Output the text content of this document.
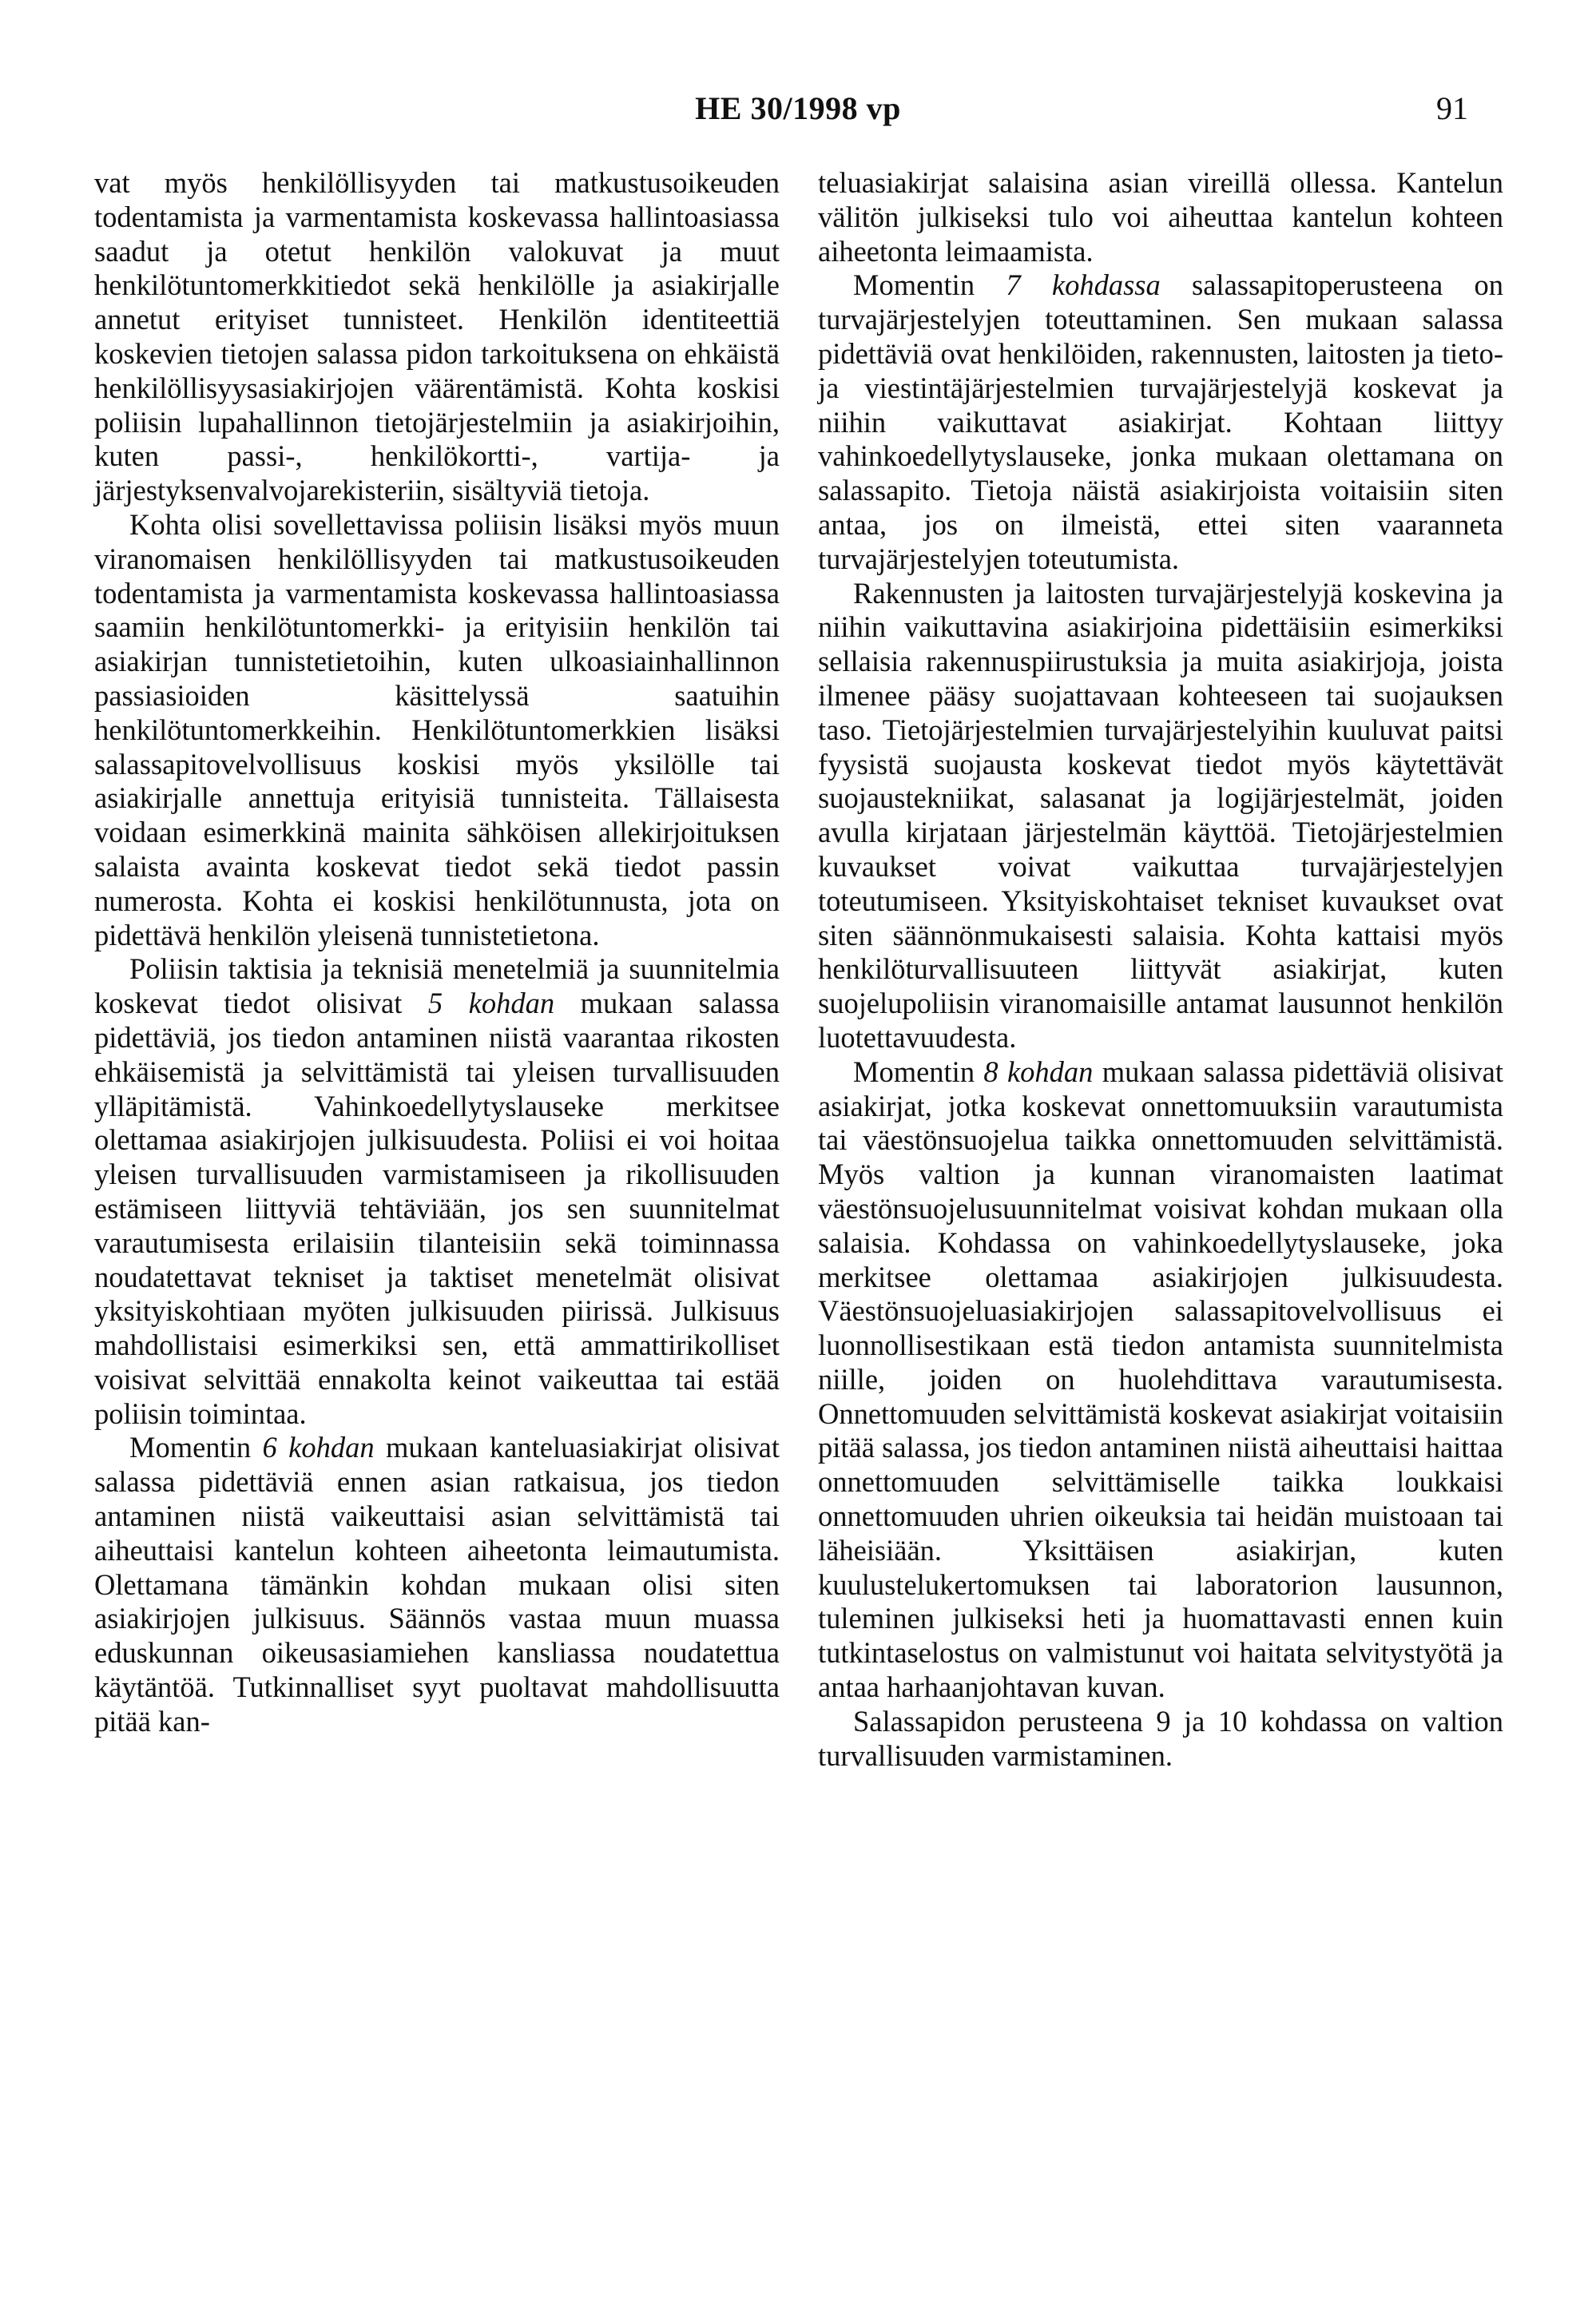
HE 30/1998 vp	91

vat myös henkilöllisyyden tai matkustusoikeuden todentamista ja varmentamista koskevassa hallintoasiassa saadut ja otetut henkilön valokuvat ja muut henkilötuntomerkkitiedot sekä henkilölle ja asiakirjalle annetut erityiset tunnisteet. Henkilön identiteettiä koskevien tietojen salassa pidon tarkoituksena on ehkäistä henkilöllisyysasiakirjojen väärentämistä. Kohta koskisi poliisin lupahallinnon tietojärjestelmiin ja asiakirjoihin, kuten passi-, henkilökortti-, vartija- ja järjestyksenvalvojarekisteriin, sisältyviä tietoja.

Kohta olisi sovellettavissa poliisin lisäksi myös muun viranomaisen henkilöllisyyden tai matkustusoikeuden todentamista ja varmentamista koskevassa hallintoasiassa saamiin henkilötuntomerkki- ja erityisiin henkilön tai asiakirjan tunnistetietoihin, kuten ulkoasiainhallinnon passiasioiden käsittelyssä saatuihin henkilötuntomerkkeihin. Henkilötuntomerkkien lisäksi salassapitovelvollisuus koskisi myös yksilölle tai asiakirjalle annettuja erityisiä tunnisteita. Tällaisesta voidaan esimerkkinä mainita sähköisen allekirjoituksen salaista avainta koskevat tiedot sekä tiedot passin numerosta. Kohta ei koskisi henkilötunnusta, jota on pidettävä henkilön yleisenä tunnistetietona.

Poliisin taktisia ja teknisiä menetelmiä ja suunnitelmia koskevat tiedot olisivat 5 kohdan mukaan salassa pidettäviä, jos tiedon antaminen niistä vaarantaa rikosten ehkäisemistä ja selvittämistä tai yleisen turvallisuuden ylläpitämistä. Vahinkoedellytyslauseke merkitsee olettamaa asiakirjojen julkisuudesta. Poliisi ei voi hoitaa yleisen turvallisuuden varmistamiseen ja rikollisuuden estämiseen liittyviä tehtäviään, jos sen suunnitelmat varautumisesta erilaisiin tilanteisiin sekä toiminnassa noudatettavat tekniset ja taktiset menetelmät olisivat yksityiskohtiaan myöten julkisuuden piirissä. Julkisuus mahdollistaisi esimerkiksi sen, että ammattirikolliset voisivat selvittää ennakolta keinot vaikeuttaa tai estää poliisin toimintaa.

Momentin 6 kohdan mukaan kanteluasiakirjat olisivat salassa pidettäviä ennen asian ratkaisua, jos tiedon antaminen niistä vaikeuttaisi asian selvittämistä tai aiheuttaisi kantelun kohteen aiheetonta leimautumista. Olettamana tämänkin kohdan mukaan olisi siten asiakirjojen julkisuus. Säännös vastaa muun muassa eduskunnan oikeusasiamiehen kansliassa noudatettua käytäntöä. Tutkinnalliset syyt puoltavat mahdollisuutta pitää kan-

teluasiakirjat salaisina asian vireillä ollessa. Kantelun välitön julkiseksi tulo voi aiheuttaa kantelun kohteen aiheetonta leimaamista.

Momentin 7 kohdassa salassapitoperusteena on turvajärjestelyjen toteuttaminen. Sen mukaan salassa pidettäviä ovat henkilöiden, rakennusten, laitosten ja tieto- ja viestintäjärjestelmien turvajärjestelyjä koskevat ja niihin vaikuttavat asiakirjat. Kohtaan liittyy vahinkoedellytyslauseke, jonka mukaan olettamana on salassapito. Tietoja näistä asiakirjoista voitaisiin siten antaa, jos on ilmeistä, ettei siten vaaranneta turvajärjestelyjen toteutumista.

Rakennusten ja laitosten turvajärjestelyjä koskevina ja niihin vaikuttavina asiakirjoina pidettäisiin esimerkiksi sellaisia rakennuspiirustuksia ja muita asiakirjoja, joista ilmenee pääsy suojattavaan kohteeseen tai suojauksen taso. Tietojärjestelmien turvajärjestelyihin kuuluvat paitsi fyysistä suojausta koskevat tiedot myös käytettävät suojaustekniikat, salasanat ja logijärjestelmät, joiden avulla kirjataan järjestelmän käyttöä. Tietojärjestelmien kuvaukset voivat vaikuttaa turvajärjestelyjen toteutumiseen. Yksityiskohtaiset tekniset kuvaukset ovat siten säännönmukaisesti salaisia. Kohta kattaisi myös henkilöturvallisuuteen liittyvät asiakirjat, kuten suojelupoliisin viranomaisille antamat lausunnot henkilön luotettavuudesta.

Momentin 8 kohdan mukaan salassa pidettäviä olisivat asiakirjat, jotka koskevat onnettomuuksiin varautumista tai väestönsuojelua taikka onnettomuuden selvittämistä. Myös valtion ja kunnan viranomaisten laatimat väestönsuojelusuunnitelmat voisivat kohdan mukaan olla salaisia. Kohdassa on vahinkoedellytyslauseke, joka merkitsee olettamaa asiakirjojen julkisuudesta. Väestönsuojeluasiakirjojen salassapitovelvollisuus ei luonnollisestikaan estä tiedon antamista suunnitelmista niille, joiden on huolehdittava varautumisesta. Onnettomuuden selvittämistä koskevat asiakirjat voitaisiin pitää salassa, jos tiedon antaminen niistä aiheuttaisi haittaa onnettomuuden selvittämiselle taikka loukkaisi onnettomuuden uhrien oikeuksia tai heidän muistoaan tai läheisiään. Yksittäisen asiakirjan, kuten kuulustelukertomuksen tai laboratorion lausunnon, tuleminen julkiseksi heti ja huomattavasti ennen kuin tutkintaselostus on valmistunut voi haitata selvitystyötä ja antaa harhaanjohtavan kuvan.

Salassapidon perusteena 9 ja 10 kohdassa on valtion turvallisuuden varmistaminen.
